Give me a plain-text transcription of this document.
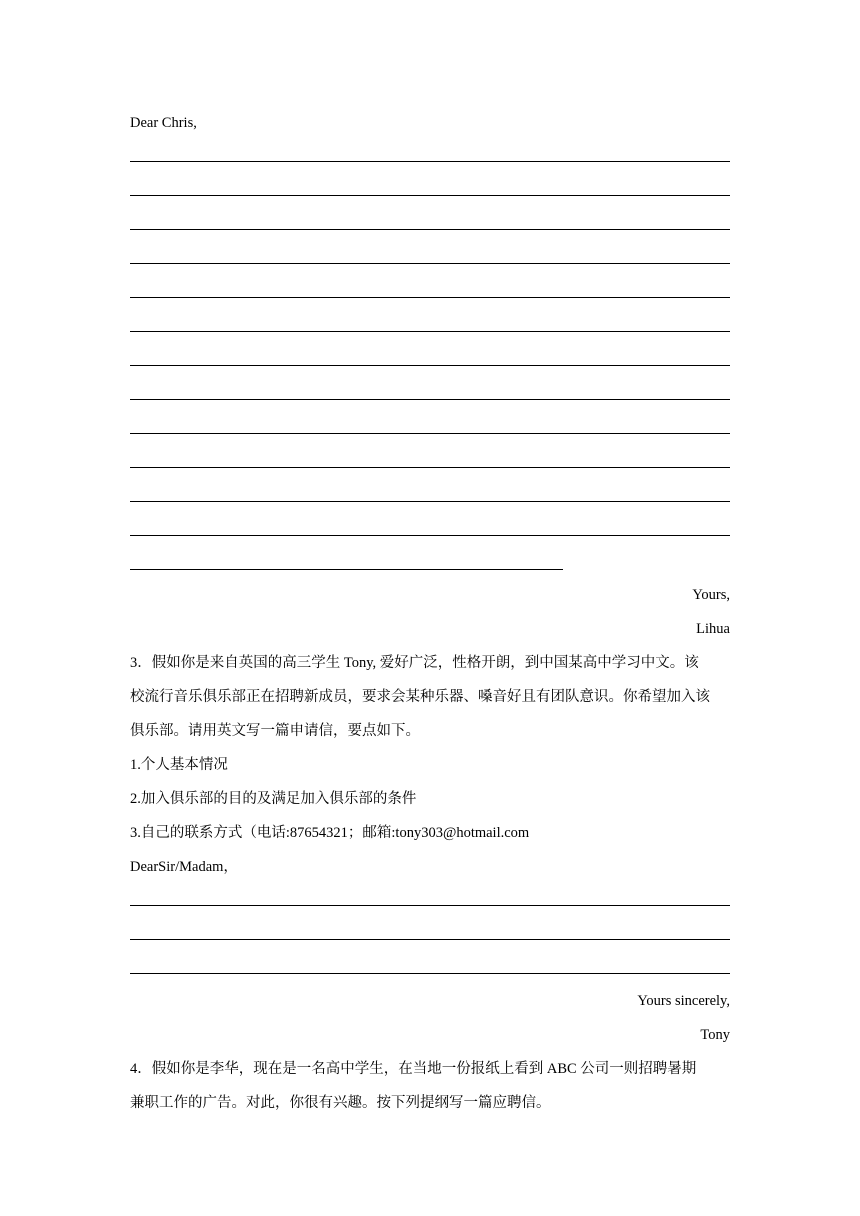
Dear Chris,
Yours,
Lihua
3．假如你是来自英国的高三学生 Tony, 爱好广泛，性格开朗，到中国某高中学习中文。该
校流行音乐俱乐部正在招聘新成员，要求会某种乐器、嗓音好且有团队意识。你希望加入该
俱乐部。请用英文写一篇申请信，要点如下。
1.个人基本情况
2.加入俱乐部的目的及满足加入俱乐部的条件
3.自己的联系方式（电话:87654321；邮箱:tony303@hotmail.com
DearSir/Madam，
Yours sincerely,
Tony
4．假如你是李华，现在是一名高中学生，在当地一份报纸上看到 ABC 公司一则招聘暑期
兼职工作的广告。对此，你很有兴趣。按下列提纲写一篇应聘信。
